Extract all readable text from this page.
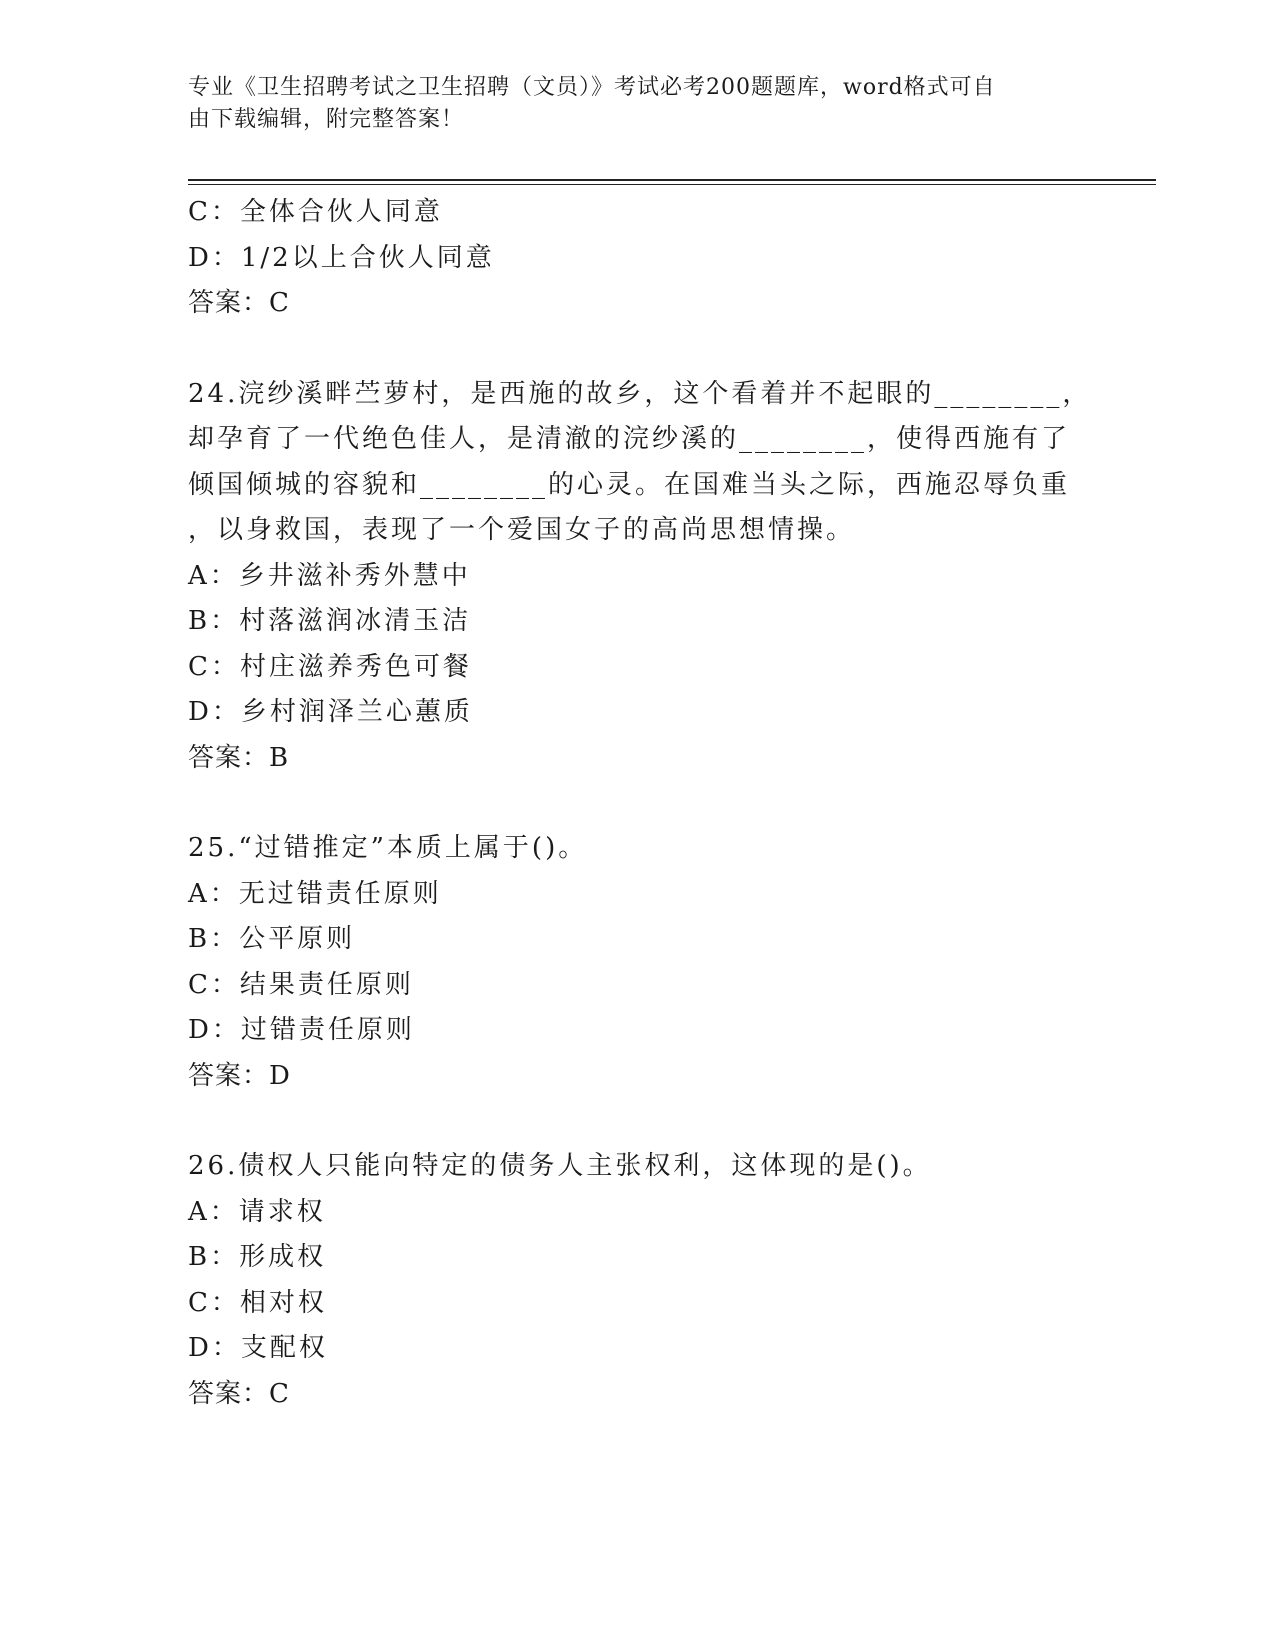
专业《卫生招聘考试之卫生招聘（文员）》考试必考200题题库，word格式可自
由下载编辑，附完整答案！
C：全体合伙人同意
D：1/2以上合伙人同意
答案：C
24.浣纱溪畔苎萝村，是西施的故乡，这个看着并不起眼的________，
却孕育了一代绝色佳人，是清澈的浣纱溪的________，使得西施有了
倾国倾城的容貌和________的心灵。在国难当头之际，西施忍辱负重
，以身救国，表现了一个爱国女子的高尚思想情操。
A：乡井滋补秀外慧中
B：村落滋润冰清玉洁
C：村庄滋养秀色可餐
D：乡村润泽兰心蕙质
答案：B
25.“过错推定”本质上属于()。
A：无过错责任原则
B：公平原则
C：结果责任原则
D：过错责任原则
答案：D
26.债权人只能向特定的债务人主张权利，这体现的是()。
A：请求权
B：形成权
C：相对权
D：支配权
答案：C
